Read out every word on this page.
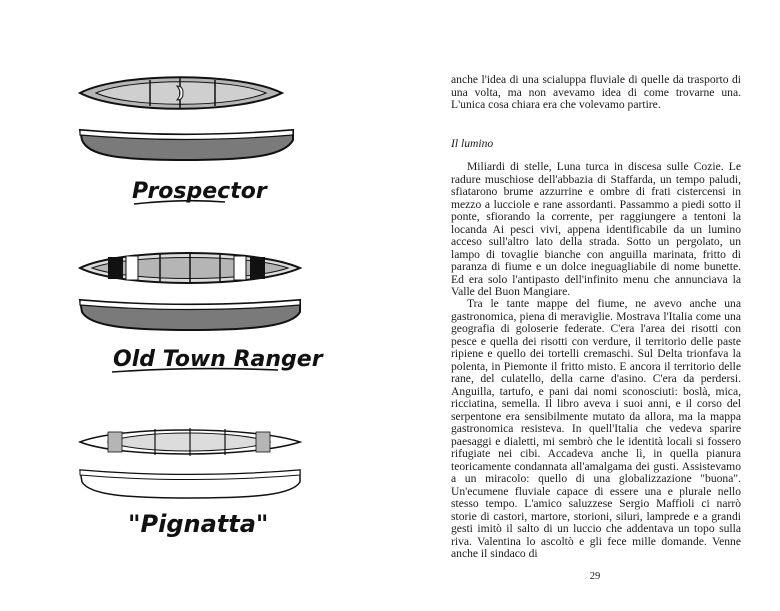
Prospector
Old Town Ranger
"Pignatta"

anche l'idea di una scialuppa fluviale di quelle da trasporto di una volta, ma non avevamo idea di come trovarne una. L'unica cosa chiara era che volevamo partire.

Il lumino

Miliardi di stelle, Luna turca in discesa sulle Cozie. Le radure muschiose dell'abbazia di Staffarda, un tempo paludi, sfiatarono brume azzurrine e ombre di frati cistercensi in mezzo a lucciole e rane assordanti. Passammo a piedi sotto il ponte, sfiorando la corrente, per raggiungere a tentoni la locanda Ai pesci vivi, appena identificabile da un lumino acceso sull'altro lato della strada. Sotto un pergolato, un lampo di tovaglie bianche con anguilla marinata, fritto di paranza di fiume e un dolce ineguagliabile di nome bunette. Ed era solo l'antipasto dell'infinito menu che annunciava la Valle del Buon Mangiare.

Tra le tante mappe del fiume, ne avevo anche una gastronomica, piena di meraviglie. Mostrava l'Italia come una geografia di goloserie federate. C'era l'area dei risotti con pesce e quella dei risotti con verdure, il territorio delle paste ripiene e quello dei tortelli cremaschi. Sul Delta trionfava la polenta, in Piemonte il fritto misto. E ancora il territorio delle rane, del culatello, della carne d'asino. C'era da perdersi. Anguilla, tartufo, e pani dai nomi sconosciuti: boslà, mica, ricciatina, semella. Il libro aveva i suoi anni, e il corso del serpentone era sensibilmente mutato da allora, ma la mappa gastronomica resisteva. In quell'Italia che vedeva sparire paesaggi e dialetti, mi sembrò che le identità locali si fossero rifugiate nei cibi. Accadeva anche lì, in quella pianura teoricamente condannata all'amalgama dei gusti. Assistevamo a un miracolo: quello di una globalizzazione "buona". Un'ecumene fluviale capace di essere una e plurale nello stesso tempo. L'amico saluzzese Sergio Maffioli ci narrò storie di castori, martore, storioni, siluri, lamprede e a grandi gesti imitò il salto di un luccio che addentava un topo sulla riva. Valentina lo ascoltò e gli fece mille domande. Venne anche il sindaco di

29
